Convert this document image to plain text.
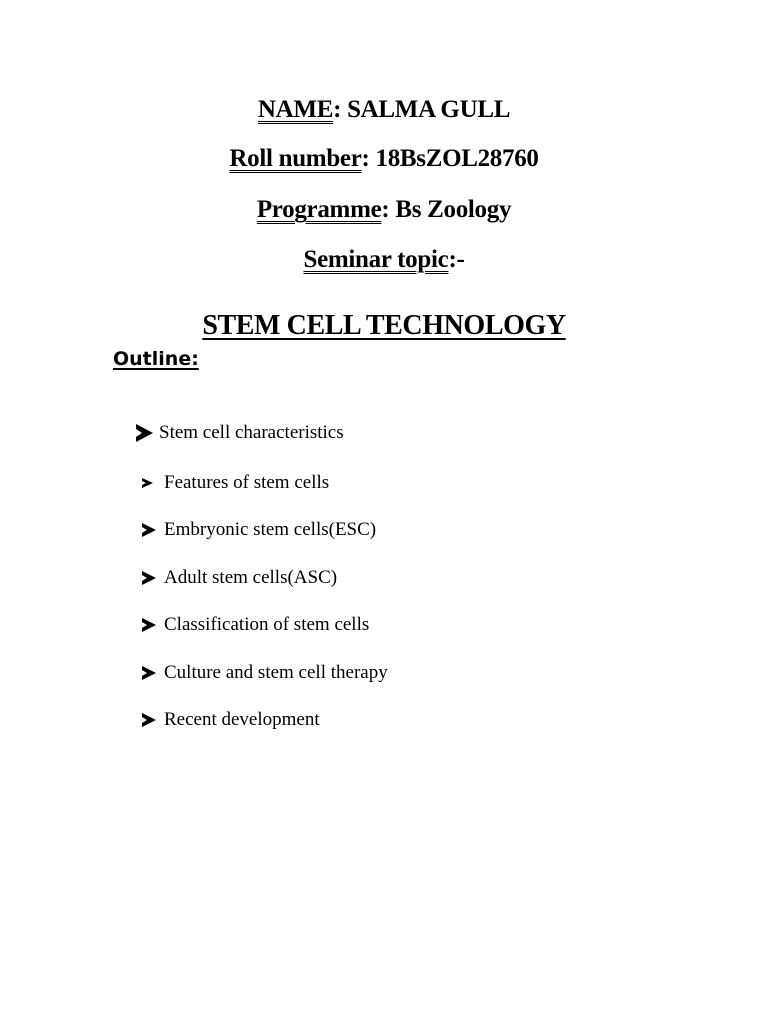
NAME: SALMA GULL
Roll number: 18BsZOL28760
Programme: Bs Zoology
Seminar topic:-
STEM CELL TECHNOLOGY
Outline:
Stem cell characteristics
Features of stem cells
Embryonic stem cells(ESC)
Adult stem cells(ASC)
Classification of stem cells
Culture and stem cell therapy
Recent development
